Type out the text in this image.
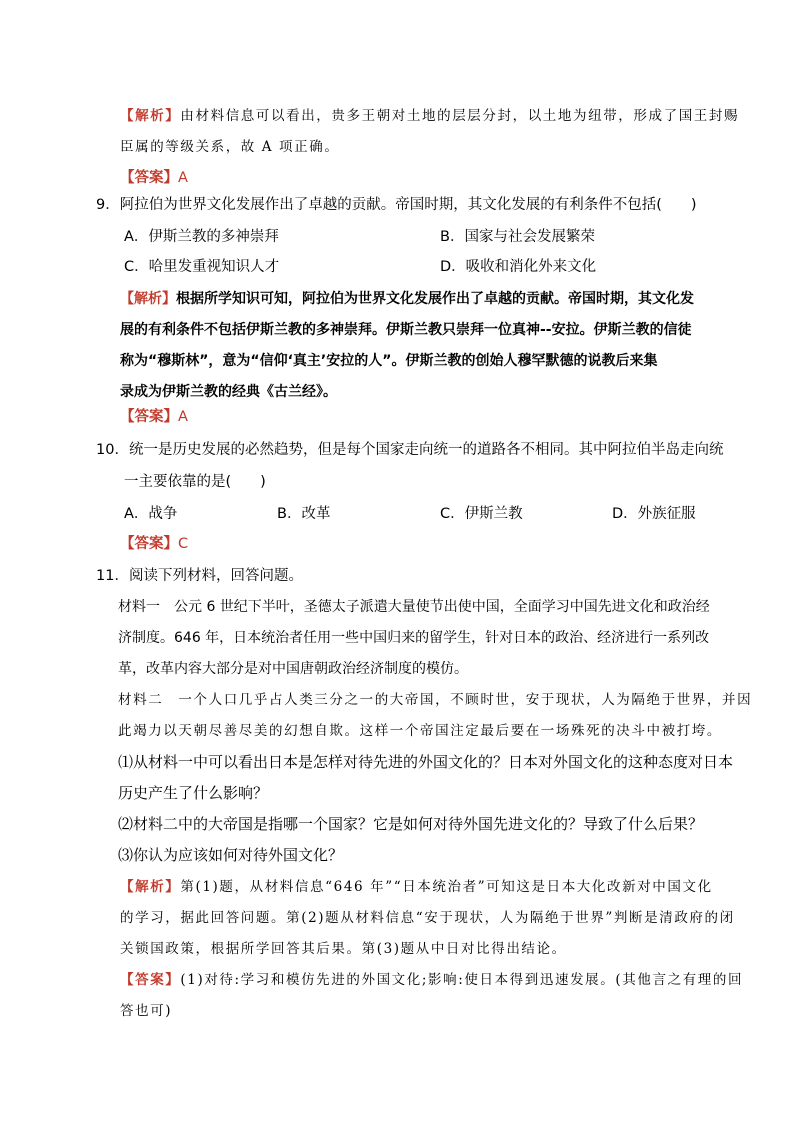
【解析】由材料信息可以看出，贵多王朝对土地的层层分封，以土地为纽带，形成了国王封赐
臣属的等级关系，故 A 项正确。
【答案】A
9．阿拉伯为世界文化发展作出了卓越的贡献。帝国时期，其文化发展的有利条件不包括(　　)
A．伊斯兰教的多神崇拜	B．国家与社会发展繁荣
C．哈里发重视知识人才	D．吸收和消化外来文化
【解析】根据所学知识可知，阿拉伯为世界文化发展作出了卓越的贡献。帝国时期，其文化发
展的有利条件不包括伊斯兰教的多神崇拜。伊斯兰教只崇拜一位真神--安拉。伊斯兰教的信徒
称为“穆斯林”，意为“信仰‘真主’安拉的人”。伊斯兰教的创始人穆罕默德的说教后来集
录成为伊斯兰教的经典《古兰经》。
【答案】A
10．统一是历史发展的必然趋势，但是每个国家走向统一的道路各不相同。其中阿拉伯半岛走向统
一主要依靠的是(　　)
A．战争	B．改革	C．伊斯兰教	D．外族征服
【答案】C
11．阅读下列材料，回答问题。
材料一　公元 6 世纪下半叶，圣德太子派遣大量使节出使中国，全面学习中国先进文化和政治经
济制度。646 年，日本统治者任用一些中国归来的留学生，针对日本的政治、经济进行一系列改
革，改革内容大部分是对中国唐朝政治经济制度的模仿。
材料二　一个人口几乎占人类三分之一的大帝国，不顾时世，安于现状，人为隔绝于世界，并因
此竭力以天朝尽善尽美的幻想自欺。这样一个帝国注定最后要在一场殊死的决斗中被打垮。
⑴从材料一中可以看出日本是怎样对待先进的外国文化的？日本对外国文化的这种态度对日本
历史产生了什么影响？
⑵材料二中的大帝国是指哪一个国家？它是如何对待外国先进文化的？导致了什么后果？
⑶你认为应该如何对待外国文化？
【解析】第(1)题，从材料信息“646 年”“日本统治者”可知这是日本大化改新对中国文化
的学习，据此回答问题。第(2)题从材料信息“安于现状，人为隔绝于世界”判断是清政府的闭
关锁国政策，根据所学回答其后果。第(3)题从中日对比得出结论。
【答案】(1)对待:学习和模仿先进的外国文化;影响:使日本得到迅速发展。(其他言之有理的回
答也可)
